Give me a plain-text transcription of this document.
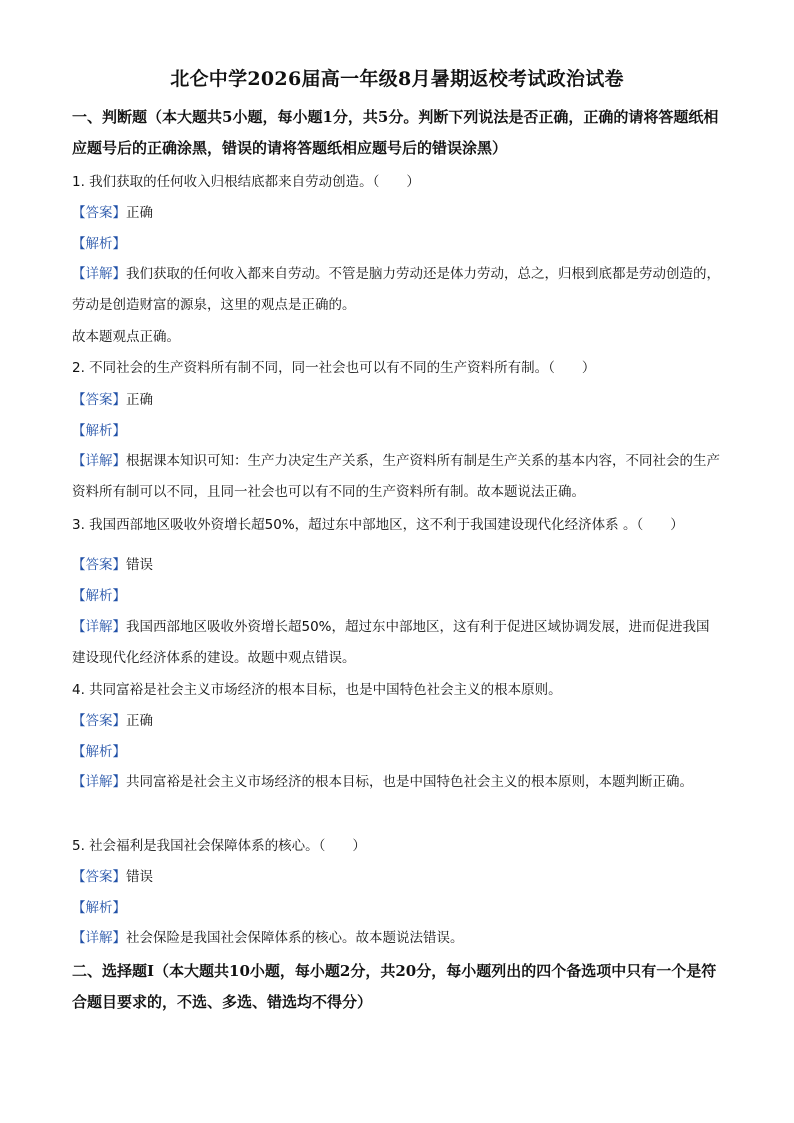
北仑中学2026届高一年级8月暑期返校考试政治试卷
一、判断题（本大题共5小题，每小题1分，共5分。判断下列说法是否正确，正确的请将答题纸相应题号后的正确涂黑，错误的请将答题纸相应题号后的错误涂黑）
1. 我们获取的任何收入归根结底都来自劳动创造。（　　）
【答案】正确
【解析】
【详解】我们获取的任何收入都来自劳动。不管是脑力劳动还是体力劳动，总之，归根到底都是劳动创造的，劳动是创造财富的源泉，这里的观点是正确的。
故本题观点正确。
2. 不同社会的生产资料所有制不同，同一社会也可以有不同的生产资料所有制。（　　）
【答案】正确
【解析】
【详解】根据课本知识可知：生产力决定生产关系，生产资料所有制是生产关系的基本内容，不同社会的生产资料所有制可以不同，且同一社会也可以有不同的生产资料所有制。故本题说法正确。
3. 我国西部地区吸收外资增长超50%，超过东中部地区，这不利于我国建设现代化经济体系 。（　　）
【答案】错误
【解析】
【详解】我国西部地区吸收外资增长超50%，超过东中部地区，这有利于促进区域协调发展，进而促进我国建设现代化经济体系的建设。故题中观点错误。
4. 共同富裕是社会主义市场经济的根本目标，也是中国特色社会主义的根本原则。
【答案】正确
【解析】
【详解】共同富裕是社会主义市场经济的根本目标，也是中国特色社会主义的根本原则，本题判断正确。
5. 社会福利是我国社会保障体系的核心。（　　）
【答案】错误
【解析】
【详解】社会保险是我国社会保障体系的核心。故本题说法错误。
二、选择题Ⅰ（本大题共10小题，每小题2分，共20分，每小题列出的四个备选项中只有一个是符合题目要求的，不选、多选、错选均不得分）
